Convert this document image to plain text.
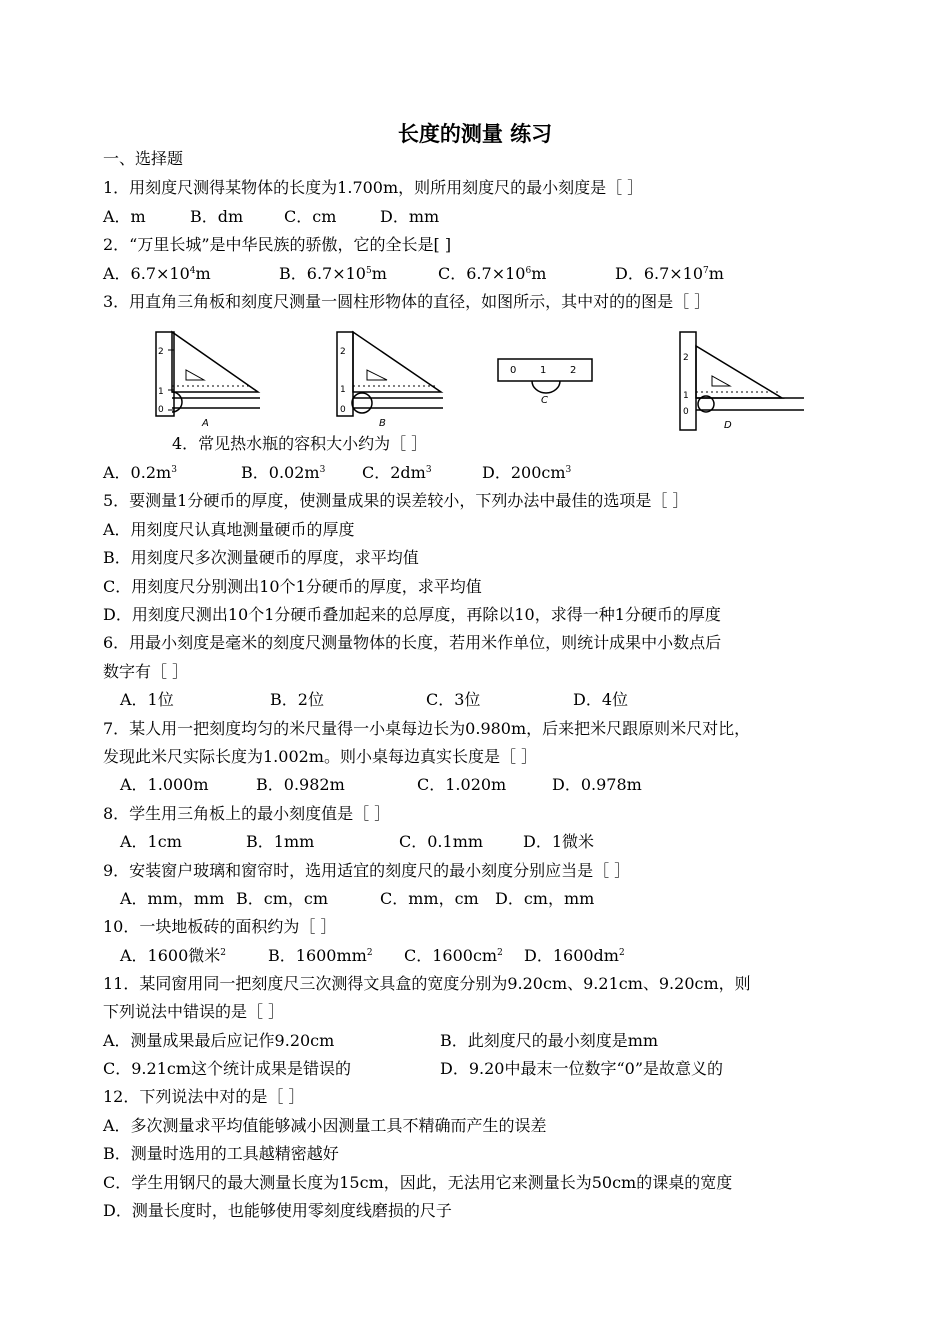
长度的测量 练习
一、选择题
1．用刻度尺测得某物体的长度为1.700m，则所用刻度尺的最小刻度是［ ］
A．m	B．dm	C．cm	D．mm
2．“万里长城”是中华民族的骄傲，它的全长是[ ]
A．$6.7\times 10^4m$	B．$6.7\times 10^5m$	C．$6.7\times 10^6m$	D．$6.7\times 10^7m$
3．用直角三角板和刻度尺测量一圆柱形物体的直径，如图所示，其中对的的图是［ ］
2
1
0
A
2
1
0
B
0 1 2
C
2
1
0
D
4．常见热水瓶的容积大小约为［ ］
A．$0.2m^3$	B．$0.02m^3$ C．$2dm^3$	D．$200cm^3$
5．要测量1分硬币的厚度，使测量成果的误差较小，下列办法中最佳的选项是［ ］
A．用刻度尺认真地测量硬币的厚度
B．用刻度尺多次测量硬币的厚度，求平均值
C．用刻度尺分别测出10个1分硬币的厚度，求平均值
D．用刻度尺测出10个1分硬币叠加起来的总厚度，再除以10，求得一种1分硬币的厚度
6．用最小刻度是毫米的刻度尺测量物体的长度，若用米作单位，则统计成果中小数点后
数字有［ ］
A．1位	B．2位	C．3位	D．4位
7．某人用一把刻度均匀的米尺量得一小桌每边长为0.980m，后来把米尺跟原则米尺对比，
发现此米尺实际长度为1.002m。则小桌每边真实长度是［ ］
A．1.000m	B．0.982m	C．1.020m	D．0.978m
8．学生用三角板上的最小刻度值是［ ］
A．1cm	B．1mm	C．0.1mm D．1微米
9．安装窗户玻璃和窗帘时，选用适宜的刻度尺的最小刻度分别应当是［ ］
A．mm，mm B．cm，cm	C．mm，cm D．cm，mm
10．一块地板砖的面积约为［ ］
A．1600微米$^2$	B．$1600mm^2$ C．$1600cm^2$ D．$1600dm^2$
11．某同窗用同一把刻度尺三次测得文具盒的宽度分别为9.20cm、9.21cm、9.20cm，则
下列说法中错误的是［ ］
A．测量成果最后应记作9.20cm	B．此刻度尺的最小刻度是mm
C．9.21cm这个统计成果是错误的	D．9.20中最末一位数字“0”是故意义的
12．下列说法中对的是［ ］
A．多次测量求平均值能够减小因测量工具不精确而产生的误差
B．测量时选用的工具越精密越好
C．学生用钢尺的最大测量长度为15cm，因此，无法用它来测量长为50cm的课桌的宽度
D．测量长度时，也能够使用零刻度线磨损的尺子
